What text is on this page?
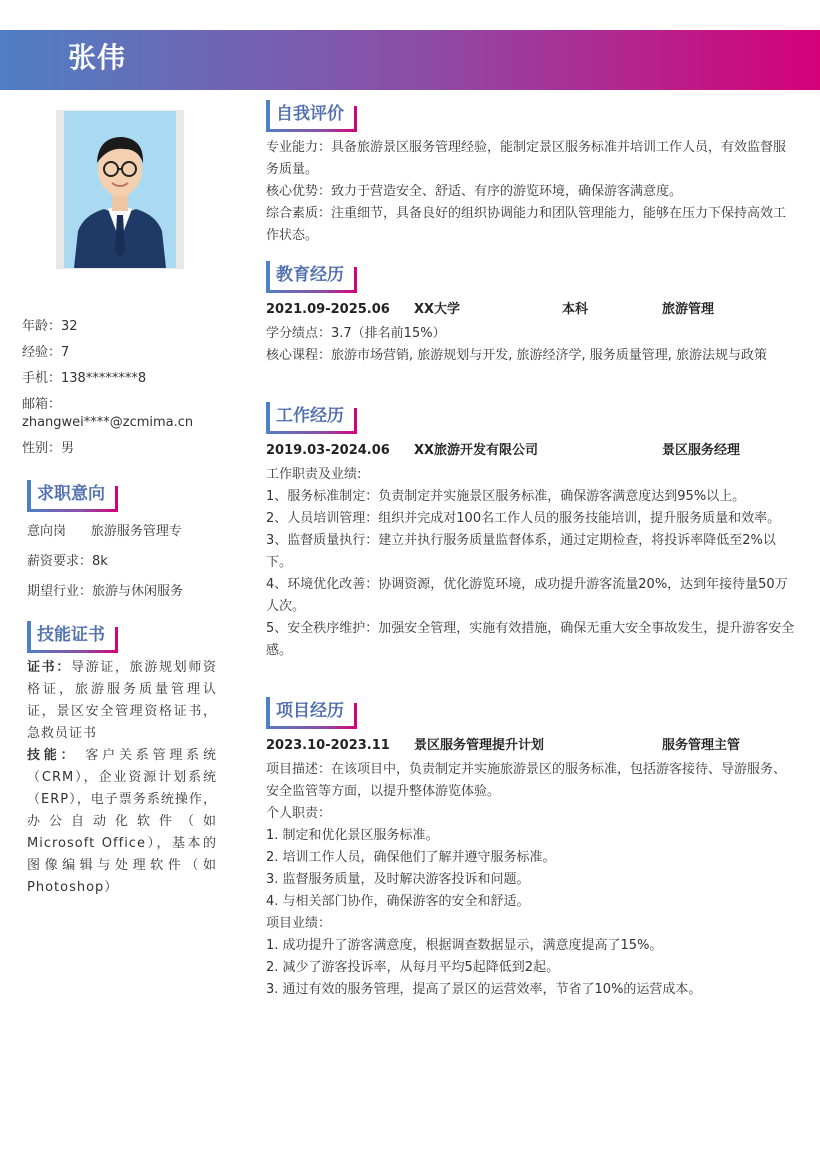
张伟
年龄：32
经验：7
手机：138********8
邮箱：
zhangwei****@zcmima.cn
性别：男
求职意向
意向岗 旅游服务管理专
薪资要求：8k
期望行业：旅游与休闲服务
技能证书

证书：导游证，旅游规划师资格证，旅游服务质量管理认证，景区安全管理资格证书，急救员证书

技能： 客户关系管理系统（CRM），企业资源计划系统（ERP），电子票务系统操作，办公自动化软件（如Microsoft Office），基本的图像编辑与处理软件（如Photoshop）

自我评价

专业能力：具备旅游景区服务管理经验，能制定景区服务标准并培训工作人员，有效监督服务质量。

核心优势：致力于营造安全、舒适、有序的游览环境，确保游客满意度。

综合素质：注重细节，具备良好的组织协调能力和团队管理能力，能够在压力下保持高效工作状态。

教育经历
2021.09-2025.06 XX大学	本科	旅游管理

学分绩点：3.7（排名前15%）

核心课程：旅游市场营销, 旅游规划与开发, 旅游经济学, 服务质量管理, 旅游法规与政策

工作经历
2019.03-2024.06 XX旅游开发有限公司	景区服务经理

工作职责及业绩:

1、服务标准制定：负责制定并实施景区服务标准，确保游客满意度达到95%以上。

2、人员培训管理：组织并完成对100名工作人员的服务技能培训，提升服务质量和效率。

3、监督质量执行：建立并执行服务质量监督体系，通过定期检查，将投诉率降低至2%以下。

4、环境优化改善：协调资源，优化游览环境，成功提升游客流量20%，达到年接待量50万人次。

5、安全秩序维护：加强安全管理，实施有效措施，确保无重大安全事故发生，提升游客安全感。

项目经历
2023.10-2023.11 景区服务管理提升计划	服务管理主管

项目描述：在该项目中，负责制定并实施旅游景区的服务标准，包括游客接待、导游服务、安全监管等方面，以提升整体游览体验。

个人职责：

1. 制定和优化景区服务标准。

2. 培训工作人员，确保他们了解并遵守服务标准。

3. 监督服务质量，及时解决游客投诉和问题。

4. 与相关部门协作，确保游客的安全和舒适。

项目业绩：

1. 成功提升了游客满意度，根据调查数据显示，满意度提高了15%。

2. 减少了游客投诉率，从每月平均5起降低到2起。

3. 通过有效的服务管理，提高了景区的运营效率，节省了10%的运营成本。
